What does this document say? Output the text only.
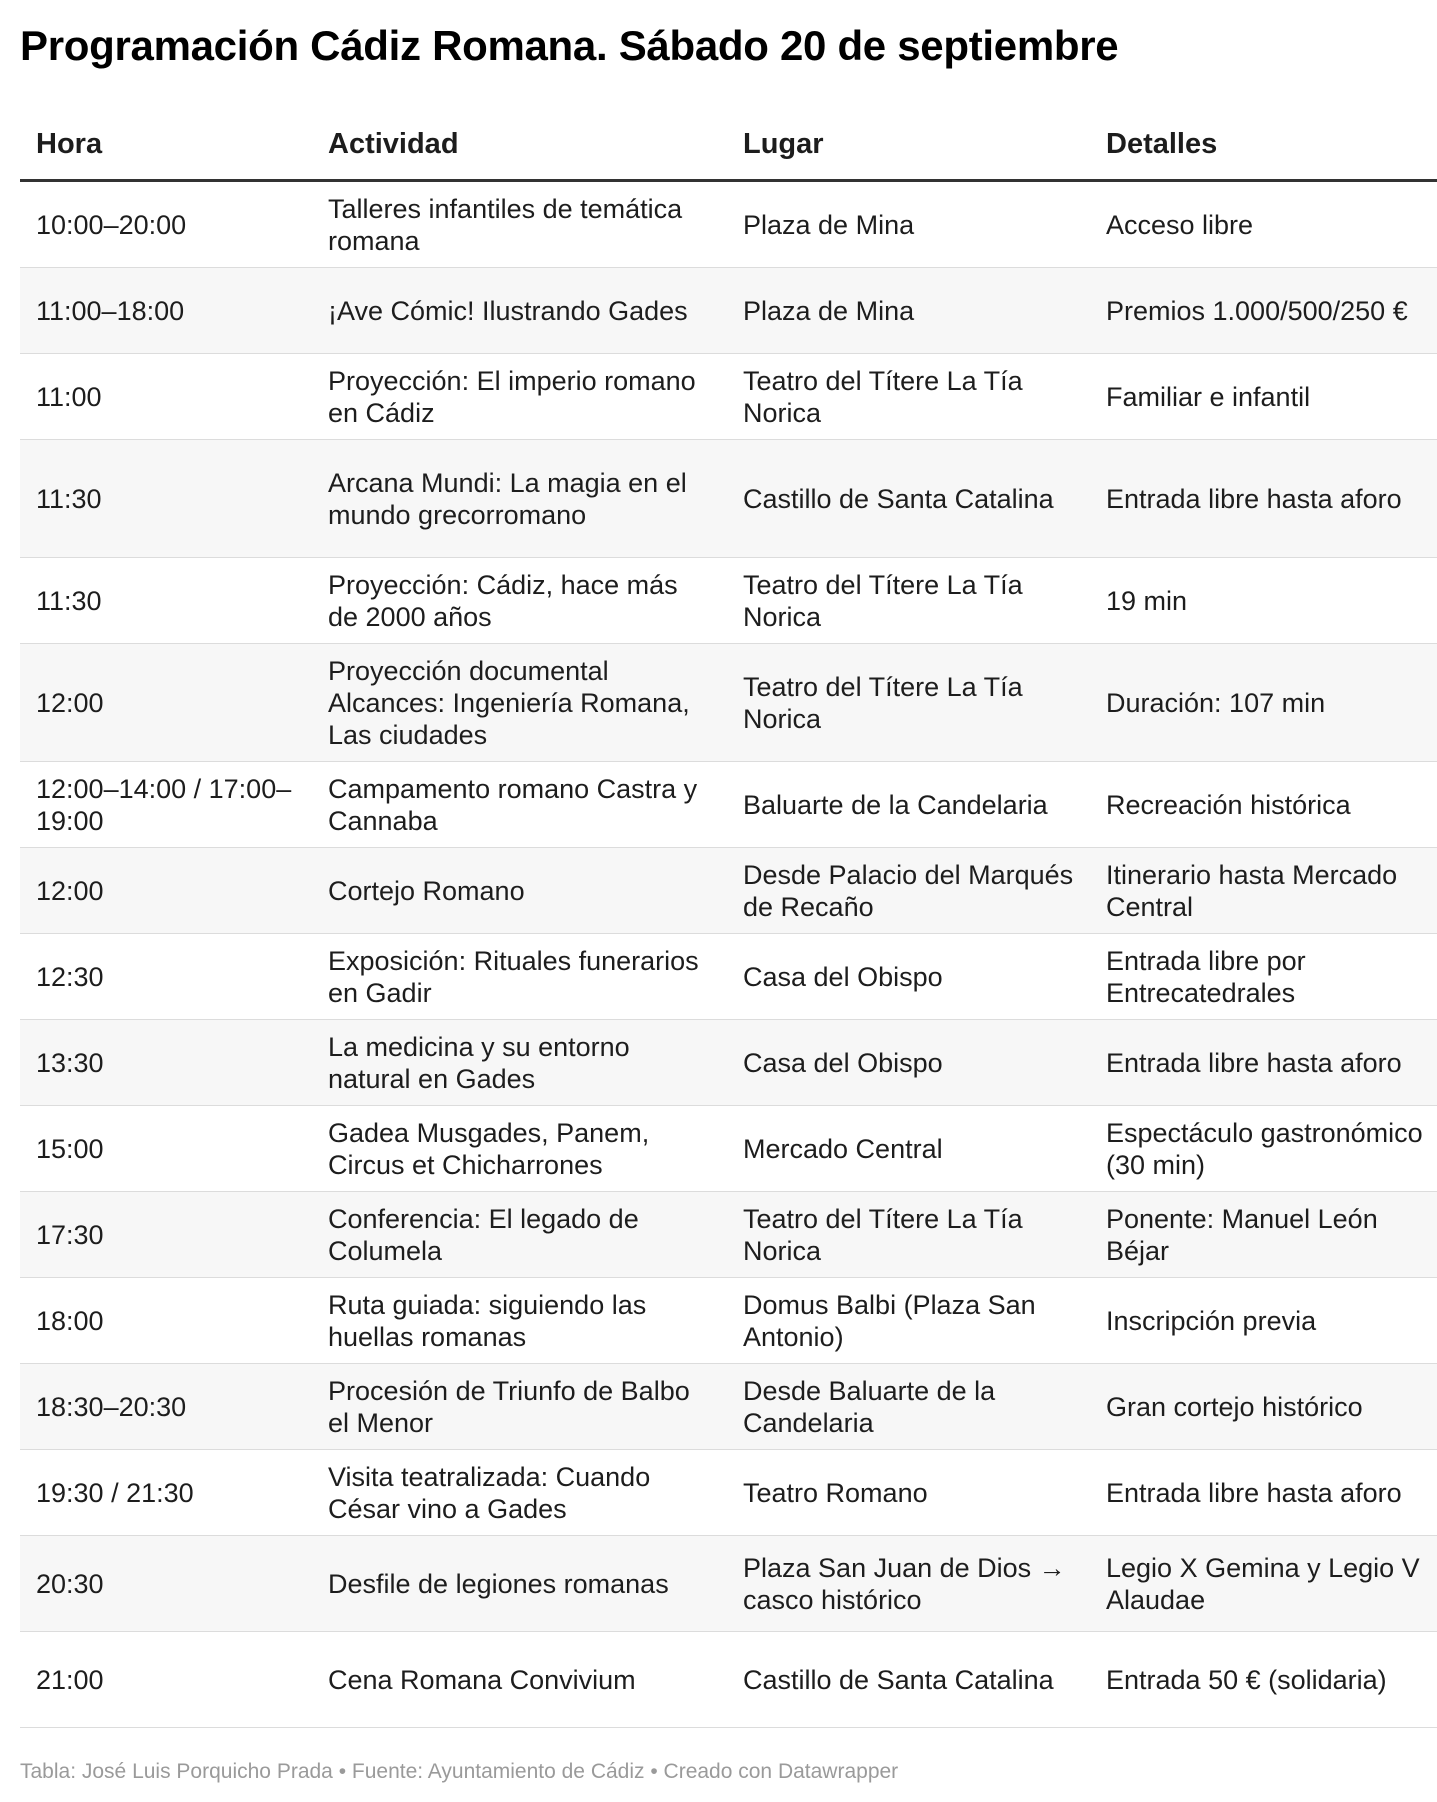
Programación Cádiz Romana. Sábado 20 de septiembre
Hora	Actividad	Lugar	Detalles
10:00–20:00	Talleres infantiles de temática romana	Plaza de Mina	Acceso libre
11:00–18:00	¡Ave Cómic! Ilustrando Gades	Plaza de Mina	Premios 1.000/500/250 €
11:00	Proyección: El imperio romano en Cádiz	Teatro del Títere La Tía Norica	Familiar e infantil
11:30	Arcana Mundi: La magia en el mundo grecorromano	Castillo de Santa Catalina	Entrada libre hasta aforo
11:30	Proyección: Cádiz, hace más de 2000 años	Teatro del Títere La Tía Norica	19 min
12:00	Proyección documental Alcances: Ingeniería Romana, Las ciudades	Teatro del Títere La Tía Norica	Duración: 107 min
12:00–14:00 / 17:00–19:00	Campamento romano Castra y Cannaba	Baluarte de la Candelaria	Recreación histórica
12:00	Cortejo Romano	Desde Palacio del Marqués de Recaño	Itinerario hasta Mercado Central
12:30	Exposición: Rituales funerarios en Gadir	Casa del Obispo	Entrada libre por Entrecatedrales
13:30	La medicina y su entorno natural en Gades	Casa del Obispo	Entrada libre hasta aforo
15:00	Gadea Musgades, Panem, Circus et Chicharrones	Mercado Central	Espectáculo gastronómico (30 min)
17:30	Conferencia: El legado de Columela	Teatro del Títere La Tía Norica	Ponente: Manuel León Béjar
18:00	Ruta guiada: siguiendo las huellas romanas	Domus Balbi (Plaza San Antonio)	Inscripción previa
18:30–20:30	Procesión de Triunfo de Balbo el Menor	Desde Baluarte de la Candelaria	Gran cortejo histórico
19:30 / 21:30	Visita teatralizada: Cuando César vino a Gades	Teatro Romano	Entrada libre hasta aforo
20:30	Desfile de legiones romanas	Plaza San Juan de Dios → casco histórico	Legio X Gemina y Legio V Alaudae
21:00	Cena Romana Convivium	Castillo de Santa Catalina	Entrada 50 € (solidaria)
Tabla: José Luis Porquicho Prada • Fuente: Ayuntamiento de Cádiz • Creado con Datawrapper
